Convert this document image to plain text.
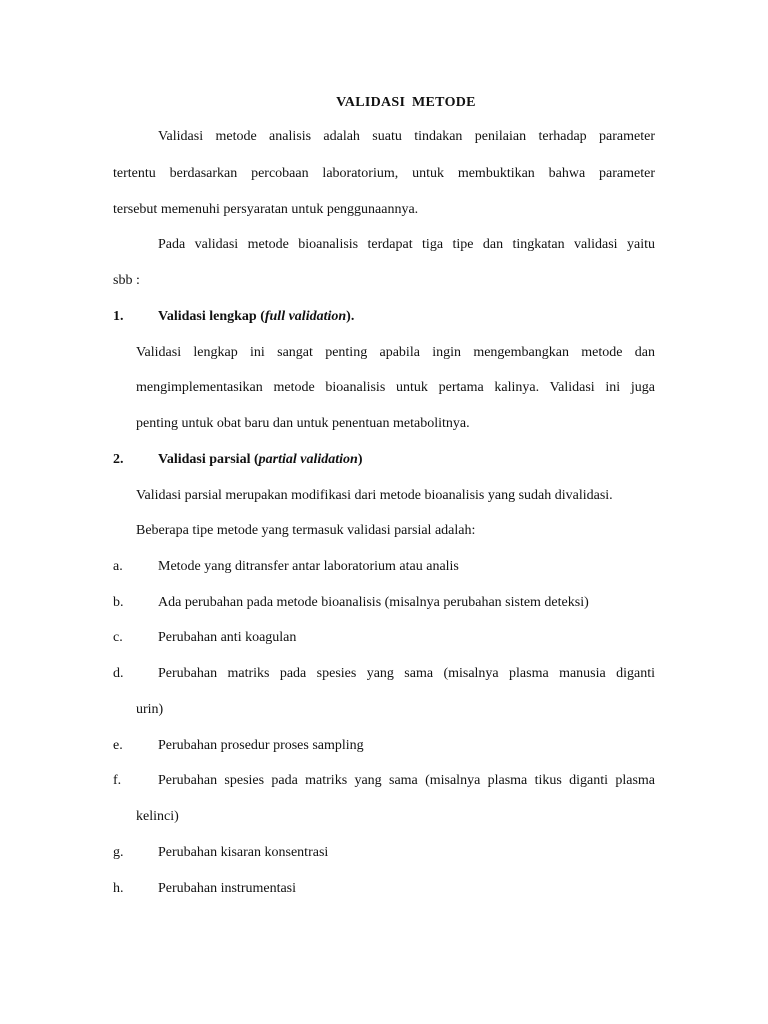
VALIDASI METODE
Validasi metode analisis adalah suatu tindakan penilaian terhadap parameter
tertentu berdasarkan percobaan laboratorium, untuk membuktikan bahwa parameter
tersebut memenuhi persyaratan untuk penggunaannya.
Pada validasi metode bioanalisis terdapat tiga tipe dan tingkatan validasi yaitu
sbb :
1. Validasi lengkap (full validation).
Validasi lengkap ini sangat penting apabila ingin mengembangkan metode dan
mengimplementasikan metode bioanalisis untuk pertama kalinya. Validasi ini juga
penting untuk obat baru dan untuk penentuan metabolitnya.
2. Validasi parsial (partial validation)
Validasi parsial merupakan modifikasi dari metode bioanalisis yang sudah divalidasi.
Beberapa tipe metode yang termasuk validasi parsial adalah:
a.	Metode yang ditransfer antar laboratorium atau analis
b. Ada perubahan pada metode bioanalisis (misalnya perubahan sistem deteksi)
c.	Perubahan anti koagulan
d. Perubahan matriks pada spesies yang sama (misalnya plasma manusia diganti
urin)
e.	Perubahan prosedur proses sampling
f.	Perubahan spesies pada matriks yang sama (misalnya plasma tikus diganti plasma
kelinci)
g. Perubahan kisaran konsentrasi
h. Perubahan instrumentasi
